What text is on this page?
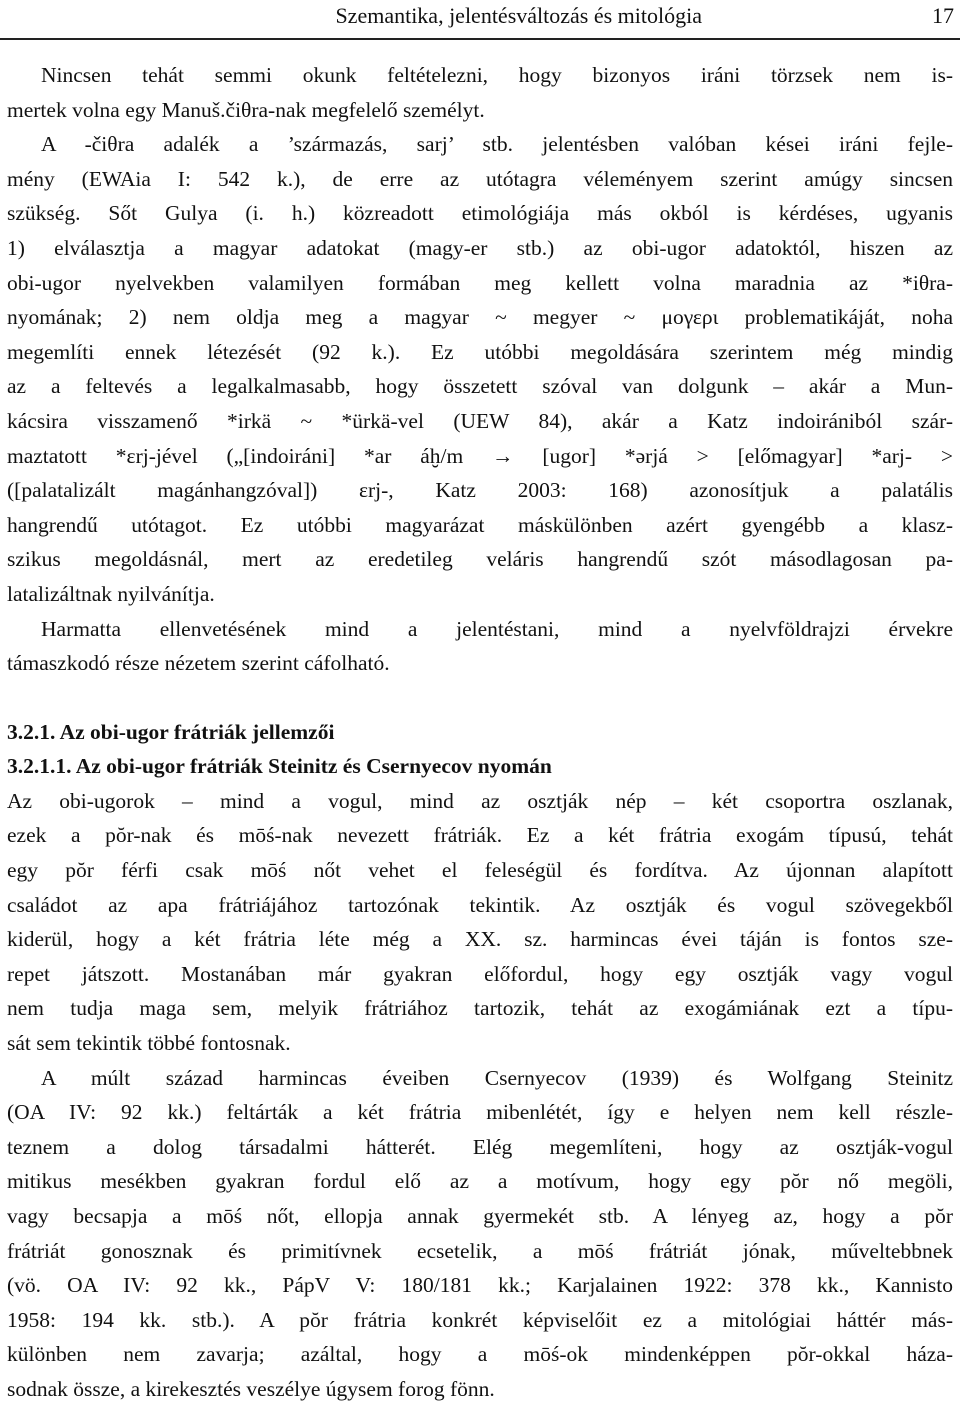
Szemantika, jelentésváltozás és mitológia	17
Nincsen tehát semmi okunk feltételezni, hogy bizonyos iráni törzsek nem is-
mertek volna egy Manuš.čiθra-nak megfelelő személyt.
A -čiθra adalék a ’származás, sarj’ stb. jelentésben valóban kései iráni fejle-
mény (EWAia I: 542 k.), de erre az utótagra véleményem szerint amúgy sincsen
szükség. Sőt Gulya (i. h.) közreadott etimológiája más okból is kérdéses, ugyanis
1) elválasztja a magyar adatokat (magy-er stb.) az obi-ugor adatoktól, hiszen az
obi-ugor nyelvekben valamilyen formában meg kellett volna maradnia az *iθra-
nyomának; 2) nem oldja meg a magyar ~ megyer ~ μογερι problematikáját, noha
megemlíti ennek létezését (92 k.). Ez utóbbi megoldására szerintem még mindig
az a feltevés a legalkalmasabb, hogy összetett szóval van dolgunk – akár a Mun-
kácsira visszamenő *irkä ~ *ürkä-vel (UEW 84), akár a Katz indoirániból szár-
maztatott *εrj-jével („[indoiráni] *ar áḫ/m → [ugor] *ərjá > [előmagyar] *arj- >
([palatalizált magánhangzóval]) εrj-, Katz 2003: 168) azonosítjuk a palatális
hangrendű utótagot. Ez utóbbi magyarázat máskülönben azért gyengébb a klasz-
szikus megoldásnál, mert az eredetileg veláris hangrendű szót másodlagosan pa-
latalizáltnak nyilvánítja.
Harmatta ellenvetésének mind a jelentéstani, mind a nyelvföldrajzi érvekre
támaszkodó része nézetem szerint cáfolható.
3.2.1. Az obi-ugor frátriák jellemzői
3.2.1.1. Az obi-ugor frátriák Steinitz és Csernyecov nyomán
Az obi-ugorok – mind a vogul, mind az osztják nép – két csoportra oszlanak,
ezek a pŏr-nak és mōś-nak nevezett frátriák. Ez a két frátria exogám típusú, tehát
egy pŏr férfi csak mōś nőt vehet el feleségül és fordítva. Az újonnan alapított
családot az apa frátriájához tartozónak tekintik. Az osztják és vogul szövegekből
kiderül, hogy a két frátria léte még a XX. sz. harmincas évei táján is fontos sze-
repet játszott. Mostanában már gyakran előfordul, hogy egy osztják vagy vogul
nem tudja maga sem, melyik frátriához tartozik, tehát az exogámiának ezt a típu-
sát sem tekintik többé fontosnak.
A múlt század harmincas éveiben Csernyecov (1939) és Wolfgang Steinitz
(OA IV: 92 kk.) feltárták a két frátria mibenlétét, így e helyen nem kell részle-
teznem a dolog társadalmi hátterét. Elég megemlíteni, hogy az osztják-vogul
mitikus mesékben gyakran fordul elő az a motívum, hogy egy pŏr nő megöli,
vagy becsapja a mōś nőt, ellopja annak gyermekét stb. A lényeg az, hogy a pŏr
frátriát gonosznak és primitívnek ecsetelik, a mōś frátriát jónak, műveltebbnek
(vö. OA IV: 92 kk., PápV V: 180/181 kk.; Karjalainen 1922: 378 kk., Kannisto
1958: 194 kk. stb.). A pŏr frátria konkrét képviselőit ez a mitológiai háttér más-
különben nem zavarja; azáltal, hogy a mōś-ok mindenképpen pŏr-okkal háza-
sodnak össze, a kirekesztés veszélye úgysem forog fönn.
